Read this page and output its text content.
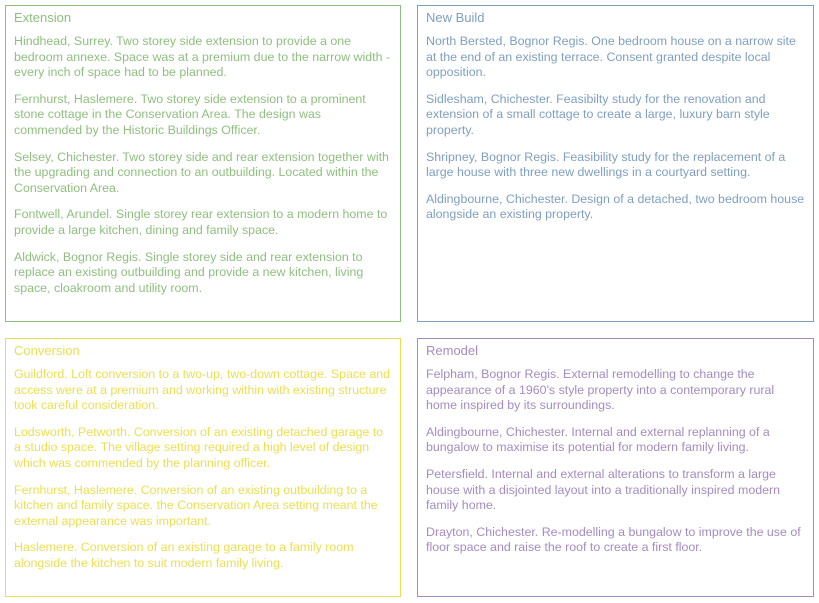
Extension

Hindhead, Surrey. Two storey side extension to provide a one bedroom annexe. Space was at a premium due to the narrow width - every inch of space had to be planned.

Fernhurst, Haslemere. Two storey side extension to a prominent stone cottage in the Conservation Area. The design was commended by the Historic Buildings Officer.

Selsey, Chichester. Two storey side and rear extension together with the upgrading and connection to an outbuilding. Located within the Conservation Area.

Fontwell, Arundel. Single storey rear extension to a modern home to provide a large kitchen, dining and family space.

Aldwick, Bognor Regis. Single storey side and rear extension to replace an existing outbuilding and provide a new kitchen, living space, cloakroom and utility room.

New Build

North Bersted, Bognor Regis. One bedroom house on a narrow site at the end of an existing terrace. Consent granted despite local opposition.

Sidlesham, Chichester. Feasibilty study for the renovation and extension of a small cottage to create a large, luxury barn style property.

Shripney, Bognor Regis. Feasibility study for the replacement of a large house with three new dwellings in a courtyard setting.

Aldingbourne, Chichester. Design of a detached, two bedroom house alongside an existing property.

Conversion

Guildford. Loft conversion to a two-up, two-down cottage. Space and access were at a premium and working within with existing structure took careful consideration.

Lodsworth, Petworth. Conversion of an existing detached garage to a studio space. The village setting required a high level of design which was commended by the planning officer.

Fernhurst, Haslemere. Conversion of an existing outbuilding to a kitchen and family space. the Conservation Area setting meant the external appearance was important.

Haslemere. Conversion of an existing garage to a family room alongside the kitchen to suit modern family living.

Remodel

Felpham, Bognor Regis. External remodelling to change the appearance of a 1960's style property into a contemporary rural home inspired by its surroundings.

Aldingbourne, Chichester. Internal and external replanning of a bungalow to maximise its potential for modern family living.

Petersfield. Internal and external alterations to transform a large house with a disjointed layout into a traditionally inspired modern family home.

Drayton, Chichester. Re-modelling a bungalow to improve the use of floor space and raise the roof to create a first floor.
